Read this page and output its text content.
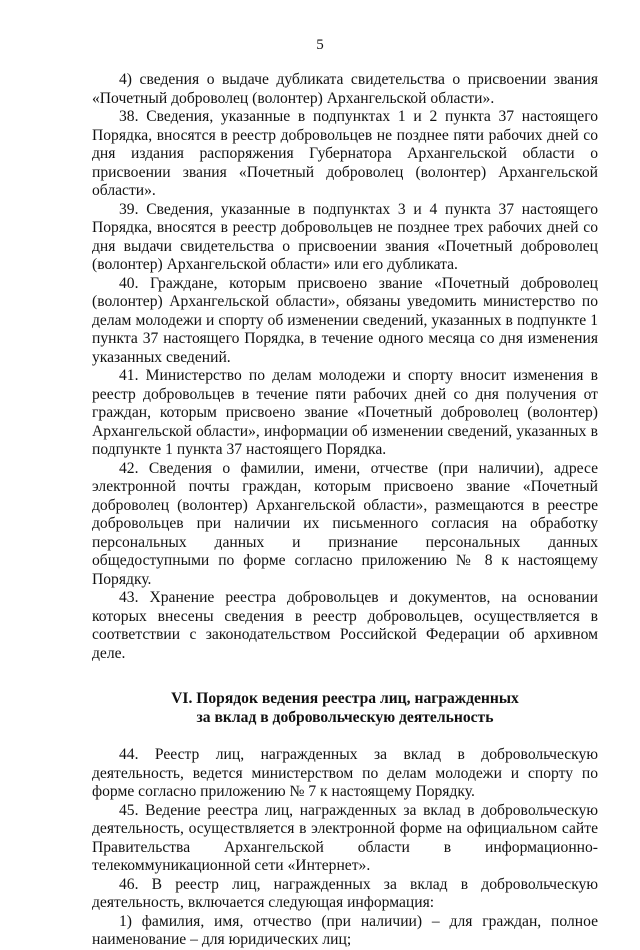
5

4) сведения о выдаче дубликата свидетельства о присвоении звания «Почетный доброволец (волонтер) Архангельской области».

38. Сведения, указанные в подпунктах 1 и 2 пункта 37 настоящего Порядка, вносятся в реестр добровольцев не позднее пяти рабочих дней со дня издания распоряжения Губернатора Архангельской области о присвоении звания «Почетный доброволец (волонтер) Архангельской области».

39. Сведения, указанные в подпунктах 3 и 4 пункта 37 настоящего Порядка, вносятся в реестр добровольцев не позднее трех рабочих дней со дня выдачи свидетельства о присвоении звания «Почетный доброволец (волонтер) Архангельской области» или его дубликата.

40. Граждане, которым присвоено звание «Почетный доброволец (волонтер) Архангельской области», обязаны уведомить министерство по делам молодежи и спорту об изменении сведений, указанных в подпункте 1 пункта 37 настоящего Порядка, в течение одного месяца со дня изменения указанных сведений.

41. Министерство по делам молодежи и спорту вносит изменения в реестр добровольцев в течение пяти рабочих дней со дня получения от граждан, которым присвоено звание «Почетный доброволец (волонтер) Архангельской области», информации об изменении сведений, указанных в подпункте 1 пункта 37 настоящего Порядка.

42. Сведения о фамилии, имени, отчестве (при наличии), адресе электронной почты граждан, которым присвоено звание «Почетный доброволец (волонтер) Архангельской области», размещаются в реестре добровольцев при наличии их письменного согласия на обработку персональных данных и признание персональных данных общедоступными по форме согласно приложению № 8 к настоящему Порядку.

43. Хранение реестра добровольцев и документов, на основании которых внесены сведения в реестр добровольцев, осуществляется в соответствии с законодательством Российской Федерации об архивном деле.

VI. Порядок ведения реестра лиц, награжденных
за вклад в добровольческую деятельность

44. Реестр лиц, награжденных за вклад в добровольческую деятельность, ведется министерством по делам молодежи и спорту по форме согласно приложению № 7 к настоящему Порядку.

45. Ведение реестра лиц, награжденных за вклад в добровольческую деятельность, осуществляется в электронной форме на официальном сайте Правительства Архангельской области в информационно-телекоммуникационной сети «Интернет».

46. В реестр лиц, награжденных за вклад в добровольческую деятельность, включается следующая информация:

1) фамилия, имя, отчество (при наличии) – для граждан, полное наименование – для юридических лиц;
